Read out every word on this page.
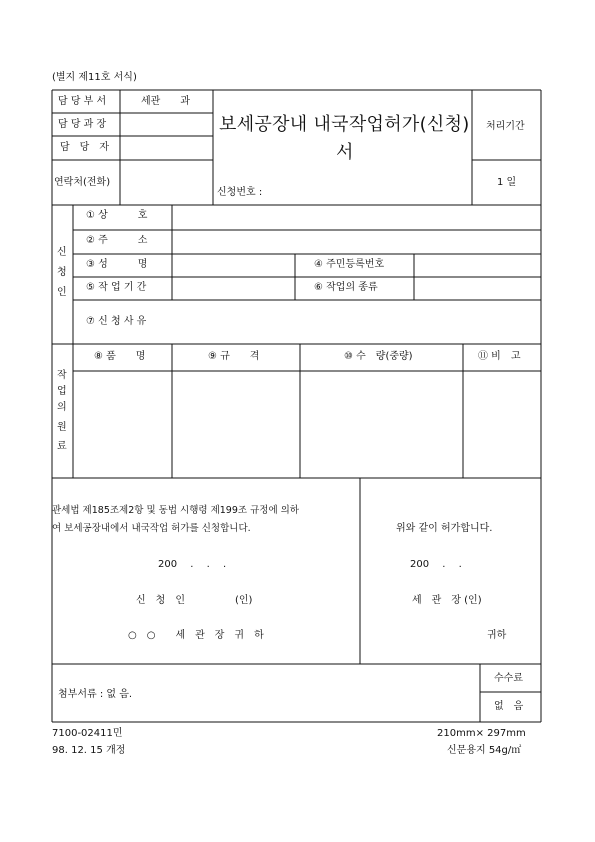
(별지 제11호 서식)
담 당 부 서	세관　　과
담 당 과 장
담　당　자
연락처(전화)
보세공장내 내국작업허가(신청)
서
신청번호 :
처리기간
1 일
신
청
인
① 상　　　호
② 주　　　소
③ 성　　　명	④ 주민등록번호
⑤ 작 업 기 간	⑥ 작업의 종류
⑦ 신 청 사 유
작
업
의
원
료
⑧ 품　　명	⑨ 규　　격	⑩ 수　량(중량)	⑪ 비　고
관세법 제185조제2항 및 동법 시행령 제199조 규정에 의하
여 보세공장내에서 내국작업 허가를 신청합니다.
200　 .　 .　 .
신　청　인　　　　　(인)
○　○　　세　관　장　귀　하
위와 같이 허가합니다.
200　 .　 .
세　관　장 (인)
귀하
첨부서류 : 없 음.
수수료
없　음
7100-02411민
98. 12. 15 개정
210mm× 297mm
신문용지 54g/㎡
